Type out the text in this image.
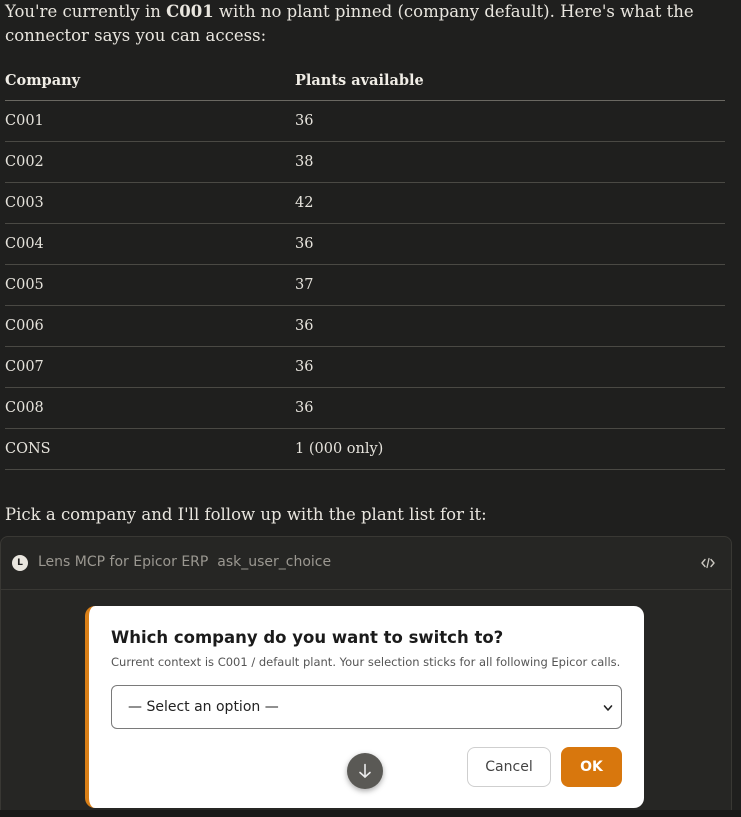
You're currently in C001 with no plant pinned (company default). Here's what the connector says you can access:
Company	Plants available
C001	36
C002	38
C003	42
C004	36
C005	37
C006	36
C007	36
C008	36
CONS	1 (000 only)
Pick a company and I'll follow up with the plant list for it:
L	Lens MCP for Epicor ERP  ask_user_choice
Which company do you want to switch to?
Current context is C001 / default plant. Your selection sticks for all following Epicor calls.
— Select an option —
Cancel	OK
